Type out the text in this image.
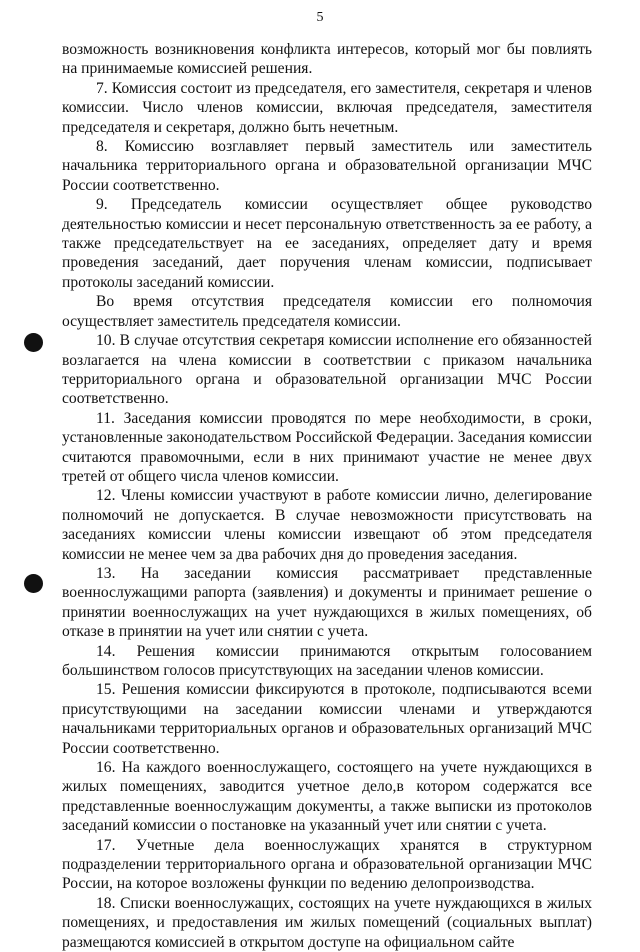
5

возможность возникновения конфликта интересов, который мог бы повлиять на принимаемые комиссией решения.

7. Комиссия состоит из председателя, его заместителя, секретаря и членов комиссии. Число членов комиссии, включая председателя, заместителя председателя и секретаря, должно быть нечетным.

8. Комиссию возглавляет первый заместитель или заместитель начальника территориального органа и образовательной организации МЧС России соответственно.

9. Председатель комиссии осуществляет общее руководство деятельностью комиссии и несет персональную ответственность за ее работу, а также председательствует на ее заседаниях, определяет дату и время проведения заседаний, дает поручения членам комиссии, подписывает протоколы заседаний комиссии.

Во время отсутствия председателя комиссии его полномочия осуществляет заместитель председателя комиссии.

10. В случае отсутствия секретаря комиссии исполнение его обязанностей возлагается на члена комиссии в соответствии с приказом начальника территориального органа и образовательной организации МЧС России соответственно.

11. Заседания комиссии проводятся по мере необходимости, в сроки, установленные законодательством Российской Федерации. Заседания комиссии считаются правомочными, если в них принимают участие не менее двух третей от общего числа членов комиссии.

12. Члены комиссии участвуют в работе комиссии лично, делегирование полномочий не допускается. В случае невозможности присутствовать на заседаниях комиссии члены комиссии извещают об этом председателя комиссии не менее чем за два рабочих дня до проведения заседания.

13. На заседании комиссия рассматривает представленные военнослужащими рапорта (заявления) и документы и принимает решение о принятии военнослужащих на учет нуждающихся в жилых помещениях, об отказе в принятии на учет или снятии с учета.

14. Решения комиссии принимаются открытым голосованием большинством голосов присутствующих на заседании членов комиссии.

15. Решения комиссии фиксируются в протоколе, подписываются всеми присутствующими на заседании комиссии членами и утверждаются начальниками территориальных органов и образовательных организаций МЧС России соответственно.

16. На каждого военнослужащего, состоящего на учете нуждающихся в жилых помещениях, заводится учетное дело,в котором содержатся все представленные военнослужащим документы, а также выписки из протоколов заседаний комиссии о постановке на указанный учет или снятии с учета.

17. Учетные дела военнослужащих хранятся в структурном подразделении территориального органа и образовательной организации МЧС России, на которое возложены функции по ведению делопроизводства.

18. Списки военнослужащих, состоящих на учете нуждающихся в жилых помещениях, и предоставления им жилых помещений (социальных выплат) размещаются комиссией в открытом доступе на официальном сайте
